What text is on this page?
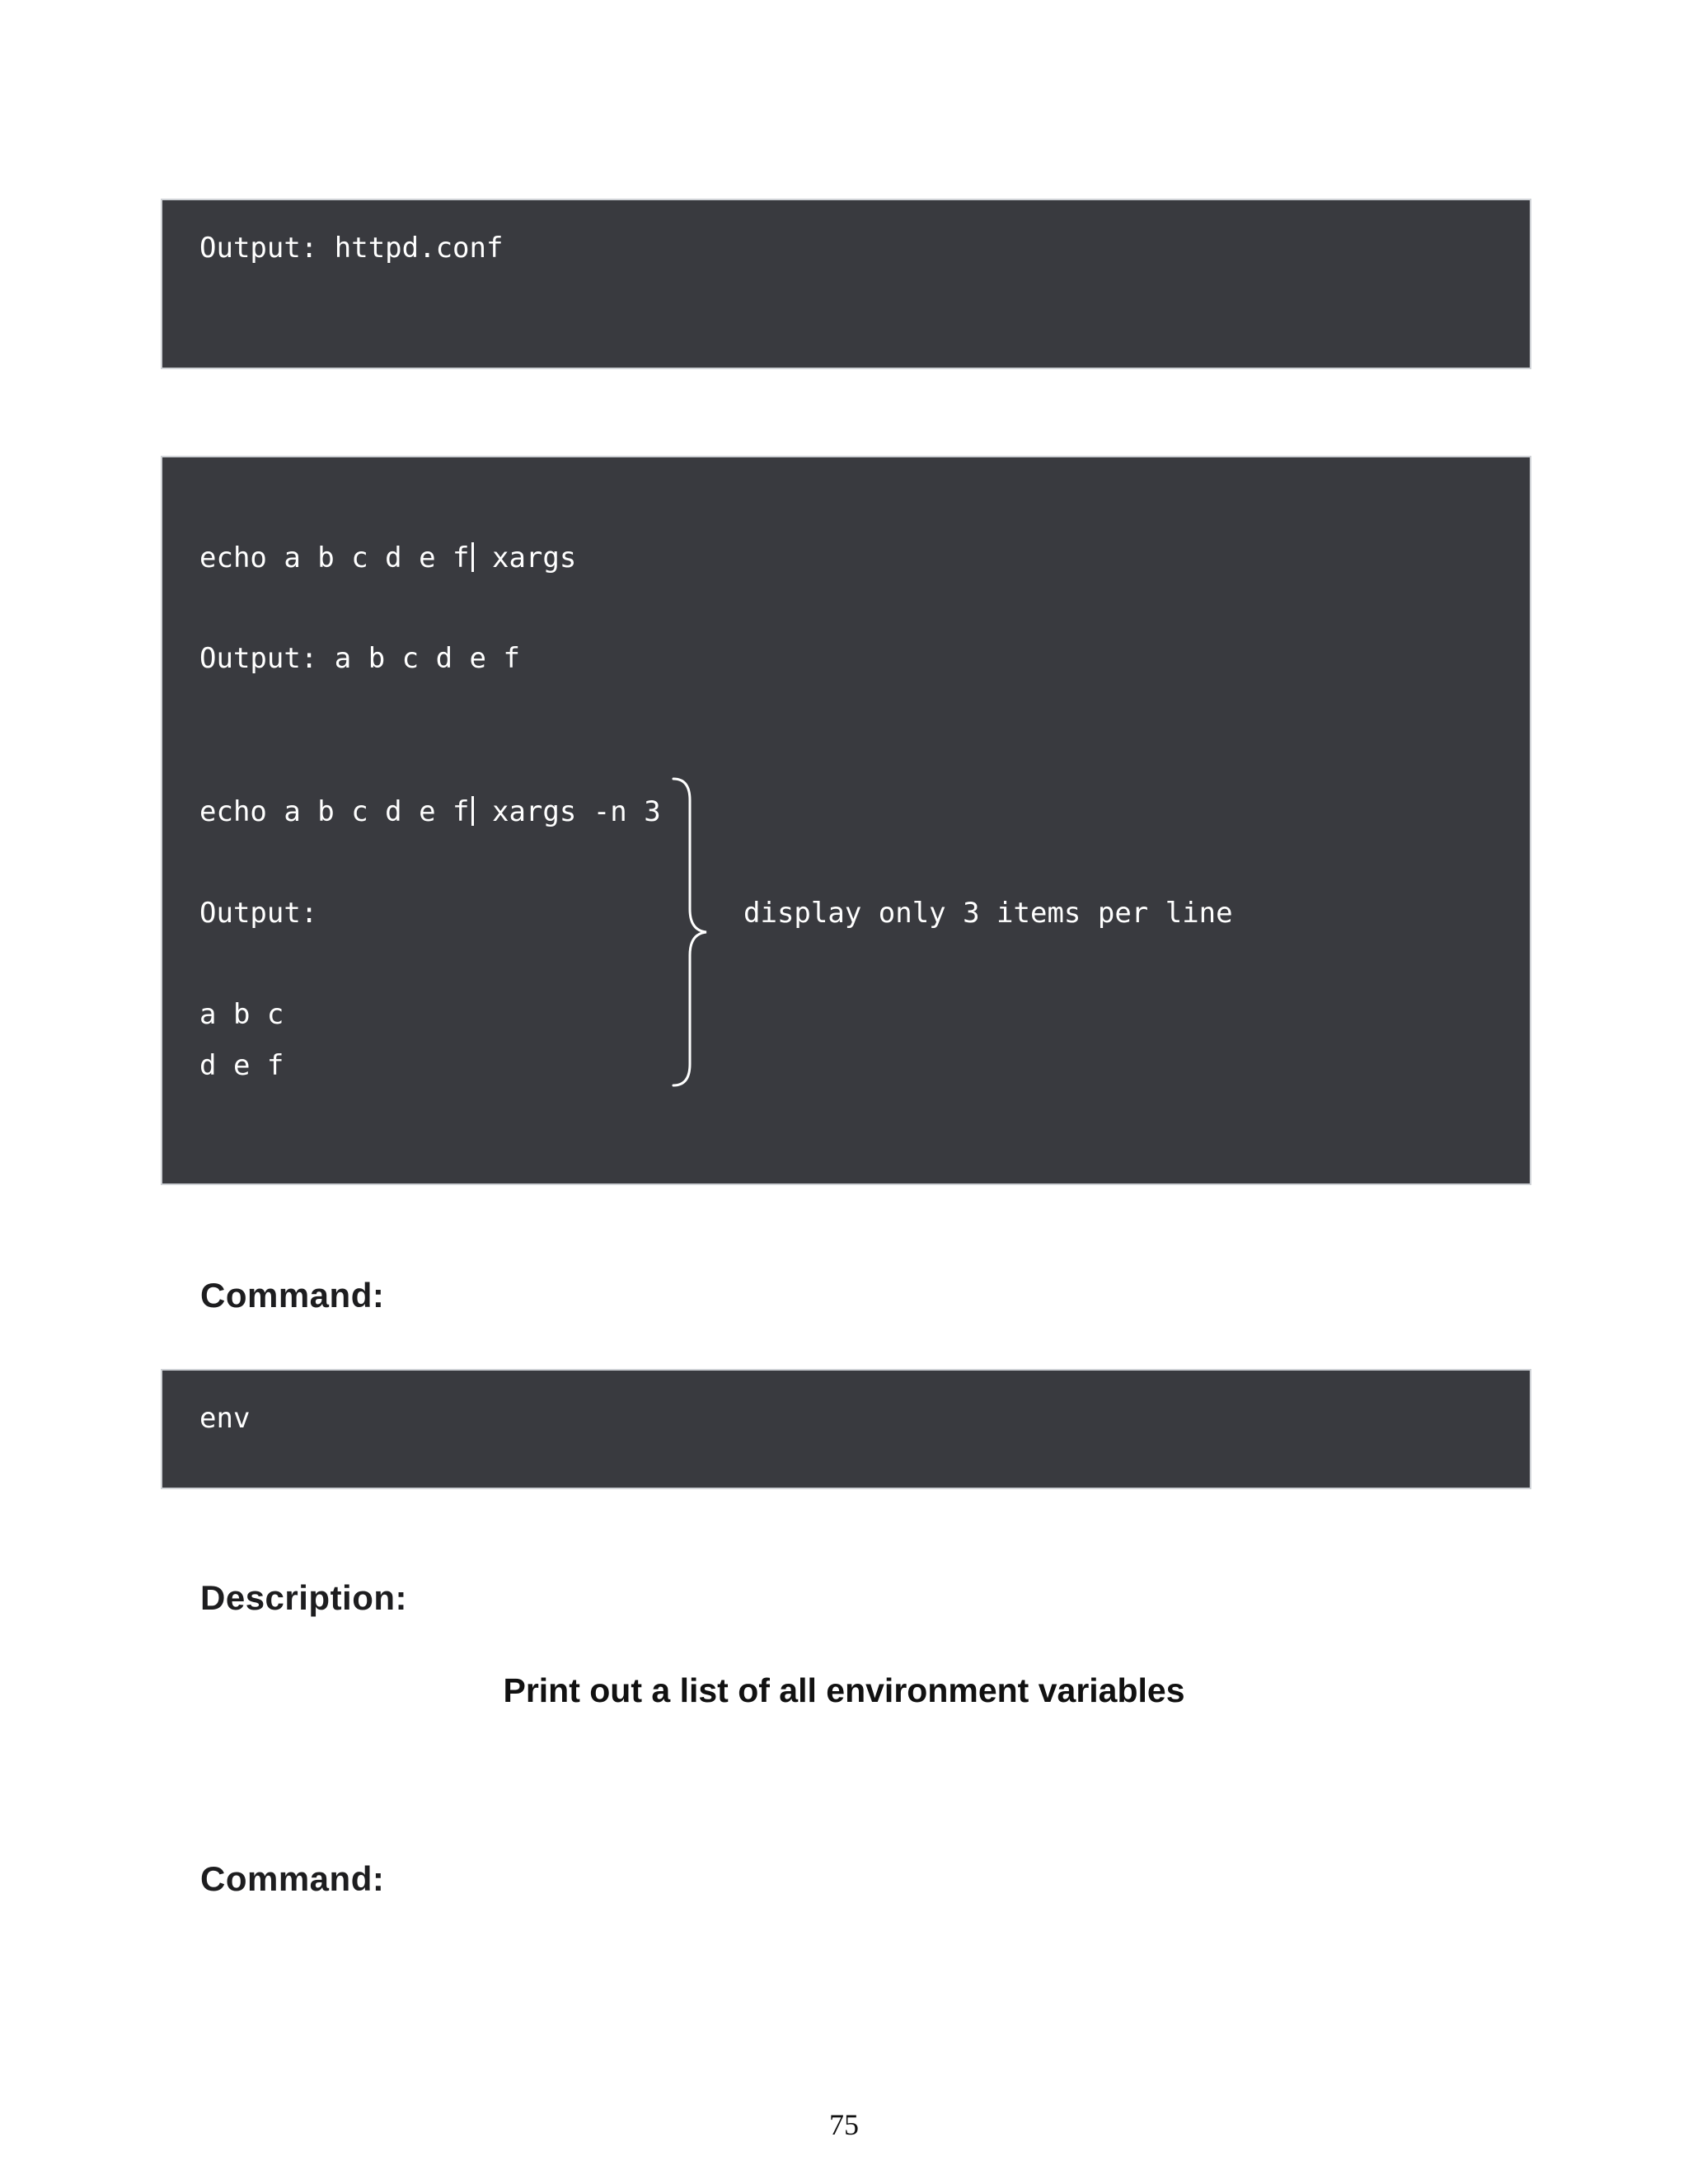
Output: httpd.conf

echo a b c d e f xargs

Output: a b c d e f

echo a b c d e f xargs -n 3

Output:

a b c

d e f

display only 3 items per line

Command:

env

Description:

Print out a list of all environment variables

Command:

75
